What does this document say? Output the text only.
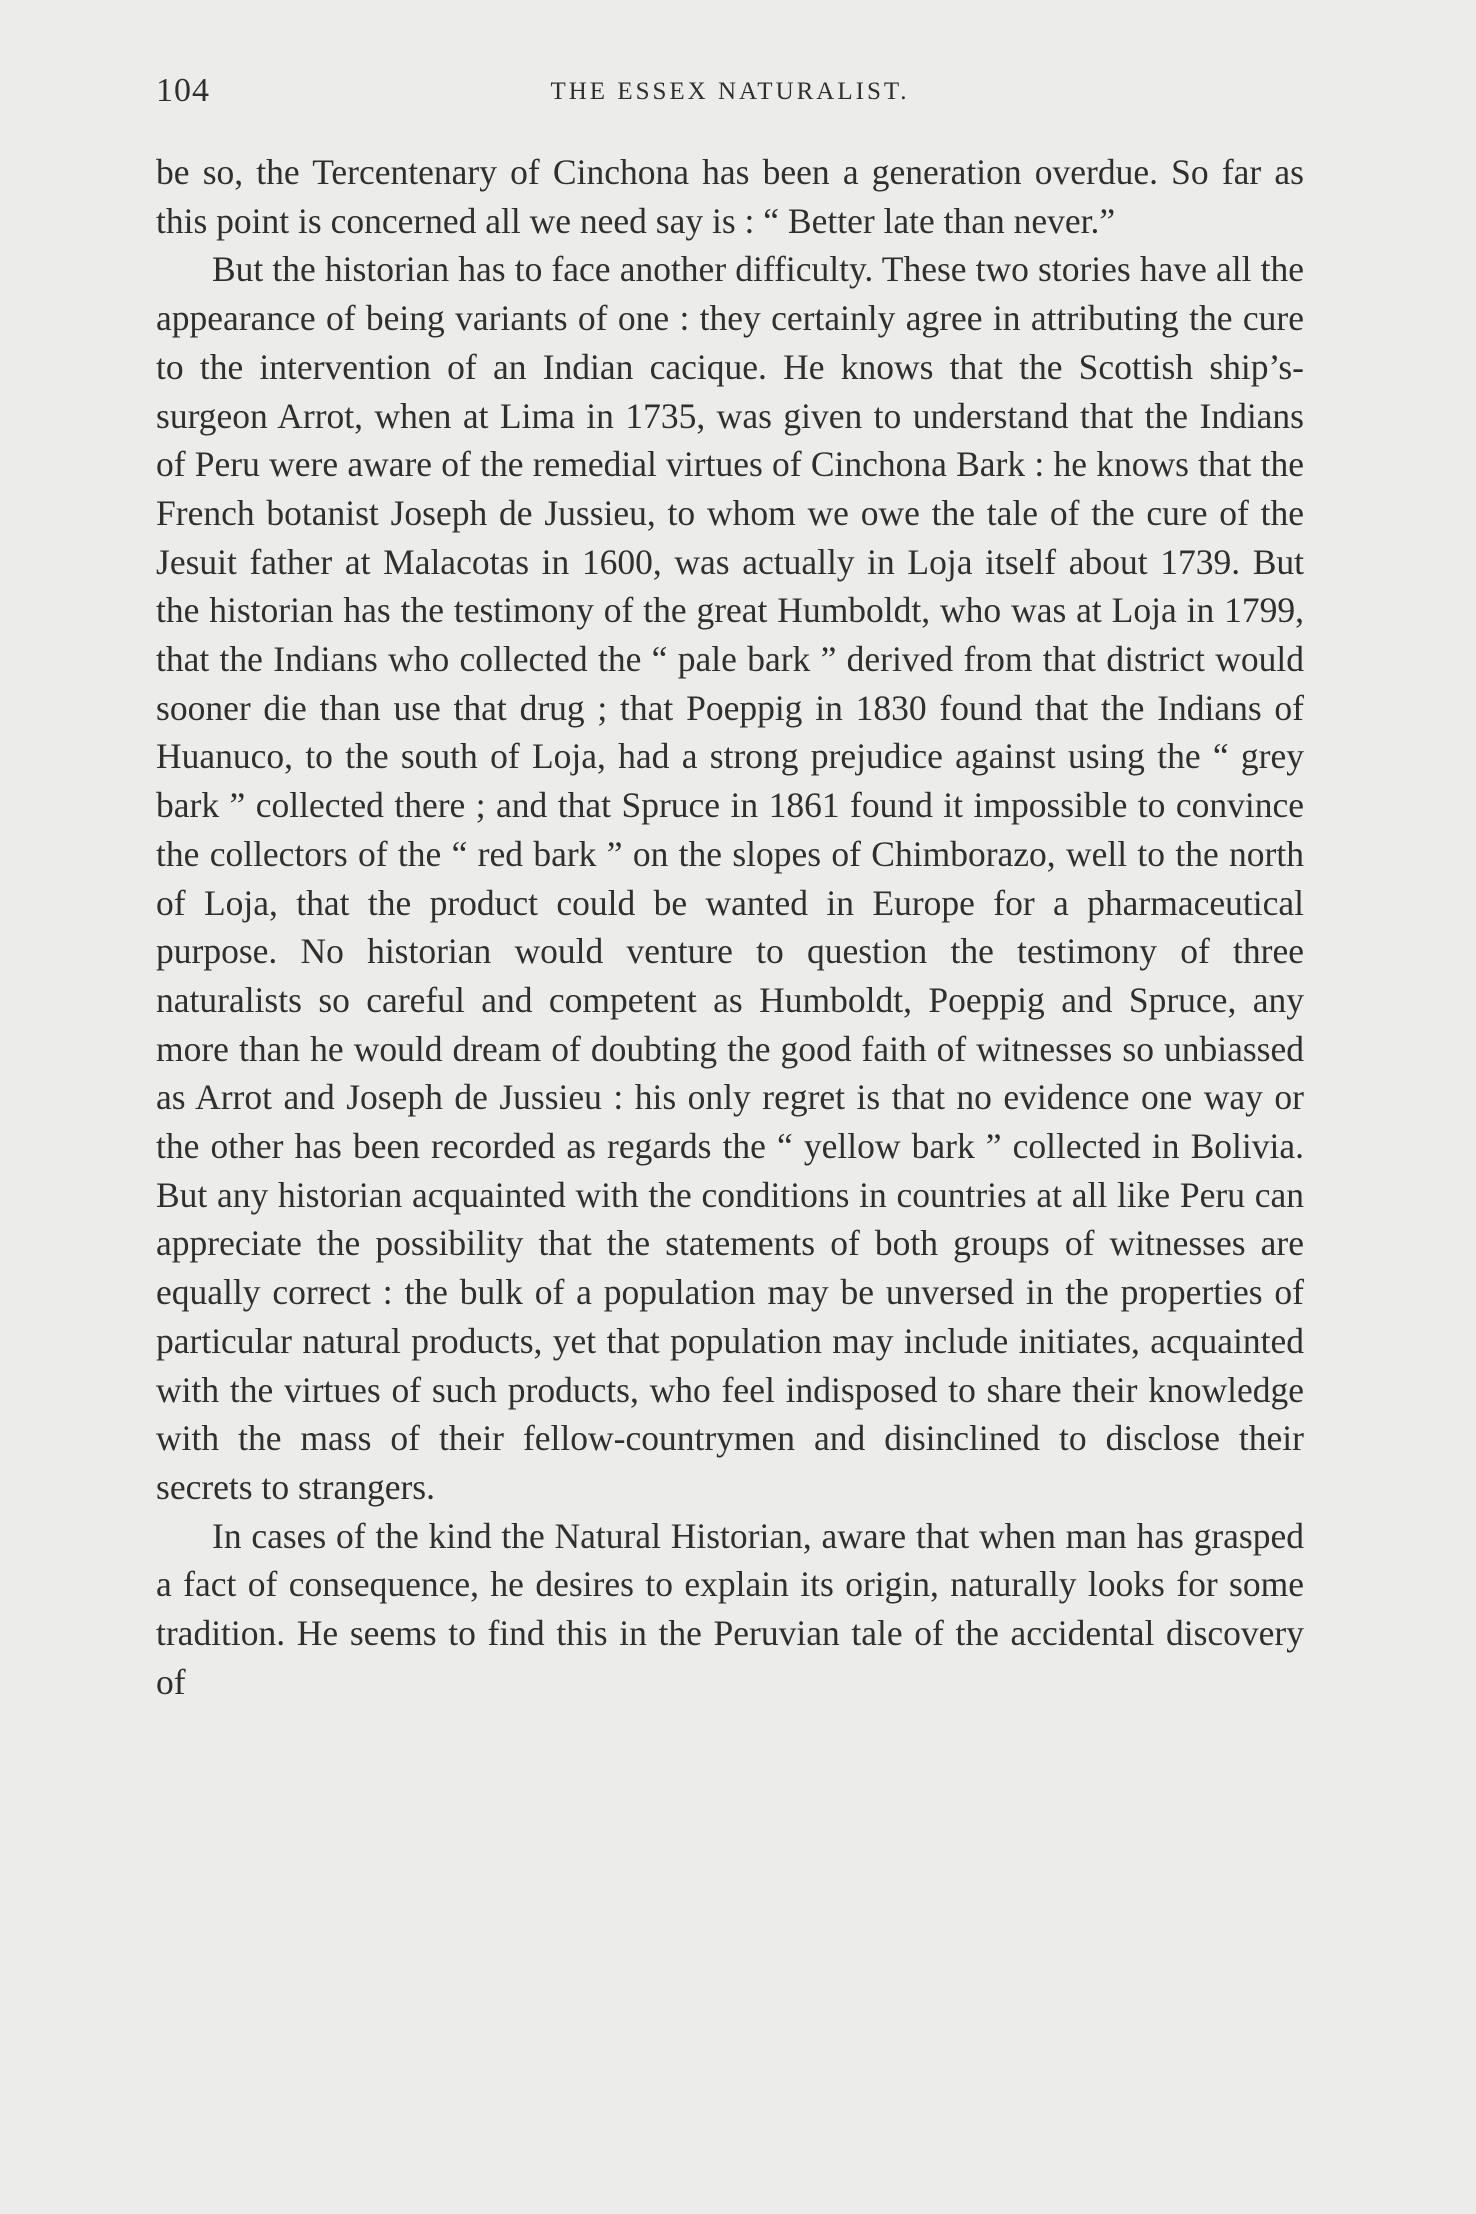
104	THE ESSEX NATURALIST.

be so, the Tercentenary of Cinchona has been a generation overdue. So far as this point is concerned all we need say is : “ Better late than never.”

But the historian has to face another difficulty. These two stories have all the appearance of being variants of one : they certainly agree in attributing the cure to the intervention of an Indian cacique. He knows that the Scottish ship’s-surgeon Arrot, when at Lima in 1735, was given to understand that the Indians of Peru were aware of the remedial virtues of Cinchona Bark : he knows that the French botanist Joseph de Jussieu, to whom we owe the tale of the cure of the Jesuit father at Malacotas in 1600, was actually in Loja itself about 1739. But the historian has the testimony of the great Humboldt, who was at Loja in 1799, that the Indians who collected the “ pale bark ” derived from that district would sooner die than use that drug ; that Poeppig in 1830 found that the Indians of Huanuco, to the south of Loja, had a strong prejudice against using the “ grey bark ” collected there ; and that Spruce in 1861 found it impossible to convince the collectors of the “ red bark ” on the slopes of Chimborazo, well to the north of Loja, that the product could be wanted in Europe for a pharmaceutical purpose. No historian would venture to question the testimony of three naturalists so careful and competent as Humboldt, Poeppig and Spruce, any more than he would dream of doubting the good faith of witnesses so unbiassed as Arrot and Joseph de Jussieu : his only regret is that no evidence one way or the other has been recorded as regards the “ yellow bark ” collected in Bolivia. But any historian acquainted with the conditions in countries at all like Peru can appreciate the possibility that the statements of both groups of witnesses are equally correct : the bulk of a population may be unversed in the properties of particular natural products, yet that population may include initiates, acquainted with the virtues of such products, who feel indisposed to share their knowledge with the mass of their fellow-countrymen and disinclined to disclose their secrets to strangers.

In cases of the kind the Natural Historian, aware that when man has grasped a fact of consequence, he desires to explain its origin, naturally looks for some tradition. He seems to find this in the Peruvian tale of the accidental discovery of
